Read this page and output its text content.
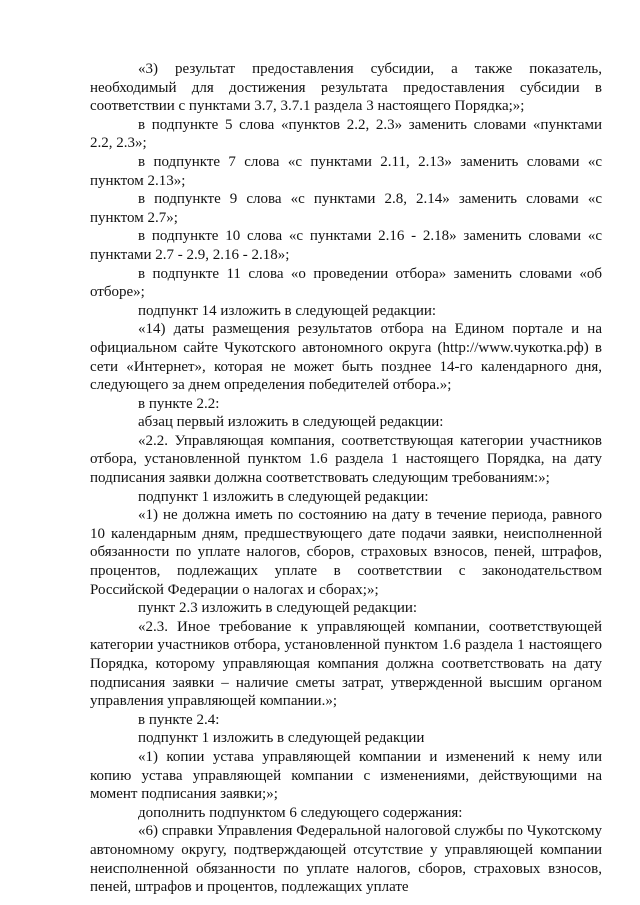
«3) результат предоставления субсидии, а также показатель, необходимый для достижения результата предоставления субсидии в соответствии с пунктами 3.7, 3.7.1 раздела 3 настоящего Порядка;»;

в подпункте 5 слова «пунктов 2.2, 2.3» заменить словами «пунктами 2.2, 2.3»;

в подпункте 7 слова «с пунктами 2.11, 2.13» заменить словами «с пунктом 2.13»;

в подпункте 9 слова «с пунктами 2.8, 2.14» заменить словами «с пунктом 2.7»;

в подпункте 10 слова «с пунктами 2.16 - 2.18» заменить словами «с пунктами 2.7 - 2.9, 2.16 - 2.18»;

в подпункте 11 слова «о проведении отбора» заменить словами «об отборе»;

подпункт 14 изложить в следующей редакции:

«14) даты размещения результатов отбора на Едином портале и на официальном сайте Чукотского автономного округа (http://www.чукотка.рф) в сети «Интернет», которая не может быть позднее 14-го календарного дня, следующего за днем определения победителей отбора.»;

в пункте 2.2:

абзац первый изложить в следующей редакции:

«2.2. Управляющая компания, соответствующая категории участников отбора, установленной пунктом 1.6 раздела 1 настоящего Порядка, на дату подписания заявки должна соответствовать следующим требованиям:»;

подпункт 1 изложить в следующей редакции:

«1) не должна иметь по состоянию на дату в течение периода, равного 10 календарным дням, предшествующего дате подачи заявки, неисполненной обязанности по уплате налогов, сборов, страховых взносов, пеней, штрафов, процентов, подлежащих уплате в соответствии с законодательством Российской Федерации о налогах и сборах;»;

пункт 2.3 изложить в следующей редакции:

«2.3. Иное требование к управляющей компании, соответствующей категории участников отбора, установленной пунктом 1.6 раздела 1 настоящего Порядка, которому управляющая компания должна соответствовать на дату подписания заявки – наличие сметы затрат, утвержденной высшим органом управления управляющей компании.»;

в пункте 2.4:

подпункт 1 изложить в следующей редакции

«1) копии устава управляющей компании и изменений к нему или копию устава управляющей компании с изменениями, действующими на момент подписания заявки;»;

дополнить подпунктом 6 следующего содержания:

«6) справки Управления Федеральной налоговой службы по Чукотскому автономному округу, подтверждающей отсутствие у управляющей компании неисполненной обязанности по уплате налогов, сборов, страховых взносов, пеней, штрафов и процентов, подлежащих уплате
